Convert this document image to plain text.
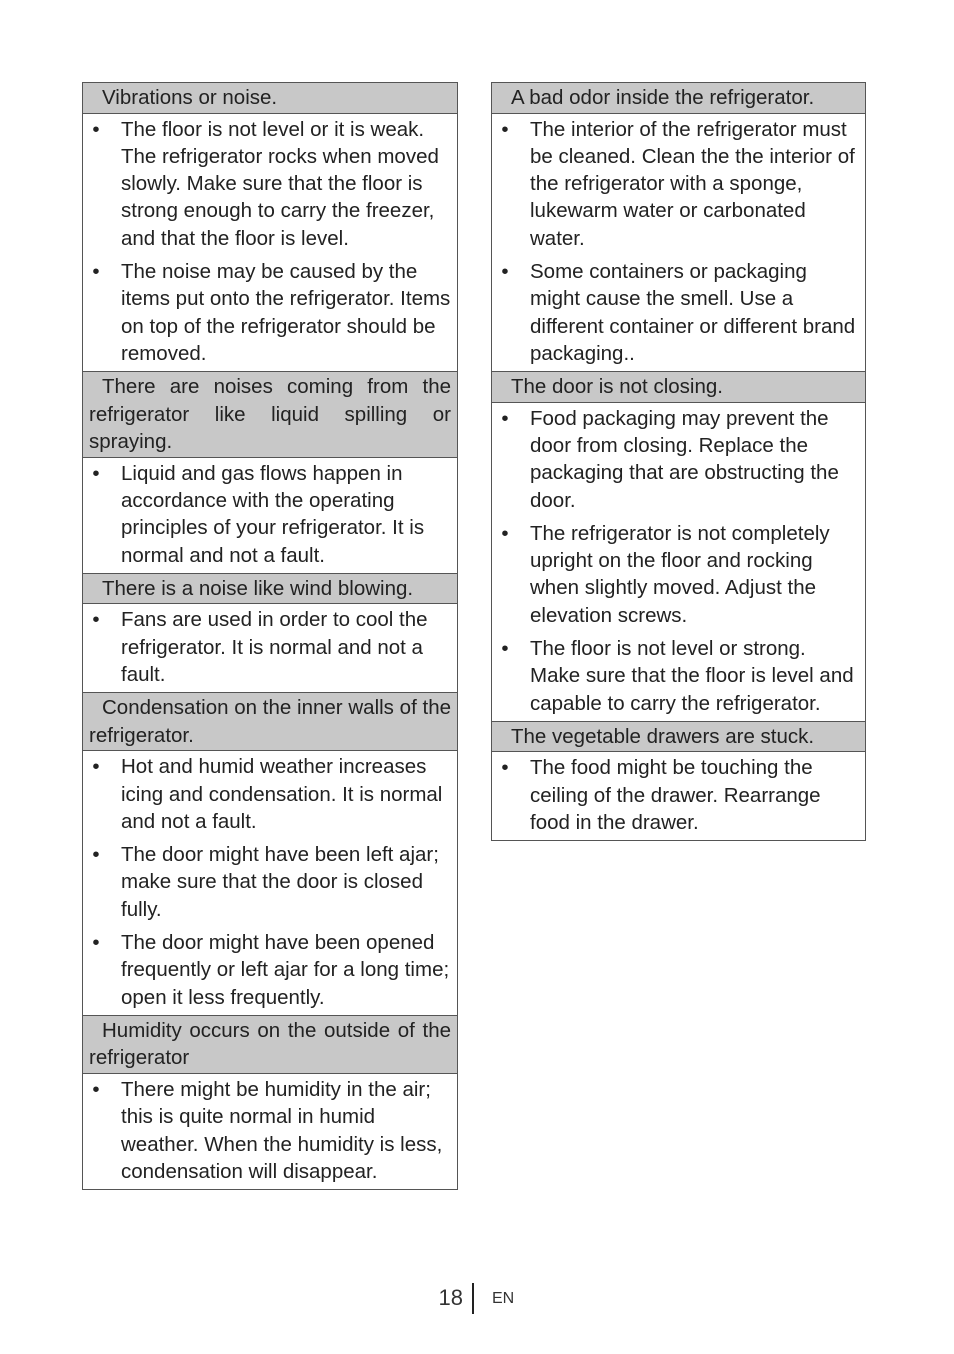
Vibrations or noise.
• The floor is not level or it is weak. The refrigerator rocks when moved slowly. Make sure that the floor is strong enough to carry the freezer, and that the floor is level.
• The noise may be caused by the items put onto the refrigerator. Items on top of the refrigerator should be removed.
There are noises coming from the refrigerator like liquid spilling or spraying.
• Liquid and gas flows happen in accordance with the operating principles of your refrigerator. It is normal and not a fault.
There is a noise like wind blowing.
• Fans are used in order to cool the refrigerator. It is normal and not a fault.
Condensation on the inner walls of the refrigerator.
• Hot and humid weather increases icing and condensation. It is normal and not a fault.
• The door might have been left ajar; make sure that the door is closed fully.
• The door might have been opened frequently or left ajar for a long time; open it less frequently.
Humidity occurs on the outside of the refrigerator
• There might be humidity in the air; this is quite normal in humid weather. When the humidity is less, condensation will disappear.
A bad odor inside the refrigerator.
• The interior of the refrigerator must be cleaned. Clean the the interior of the refrigerator with a sponge, lukewarm water or carbonated water.
• Some containers or packaging might cause the smell. Use a different container or different brand packaging..
The door is not closing.
• Food packaging may prevent the door from closing. Replace the packaging that are obstructing the door.
• The refrigerator is not completely upright on the floor and rocking when slightly moved. Adjust the elevation screws.
• The floor is not level or strong. Make sure that the floor is level and capable to carry the refrigerator.
The vegetable drawers are stuck.
• The food might be touching the ceiling of the drawer. Rearrange food in the drawer.
18 EN
